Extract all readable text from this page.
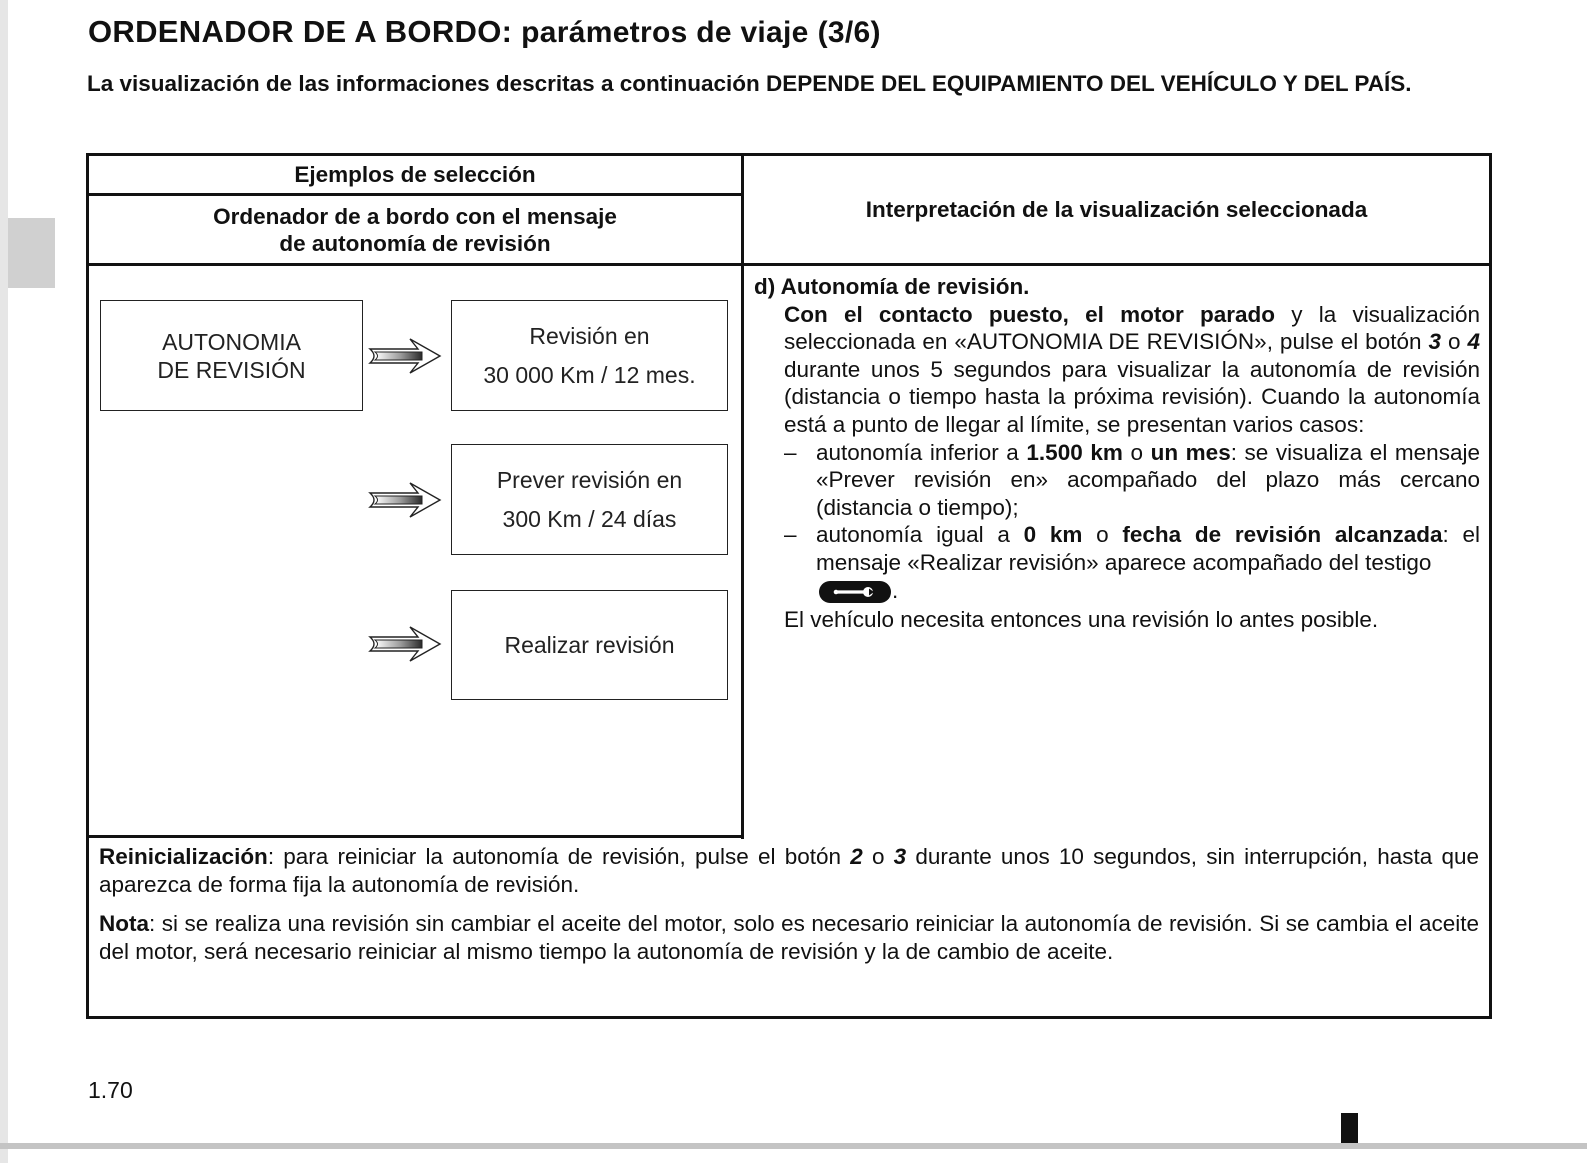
ORDENADOR DE A BORDO: parámetros de viaje (3/6)

La visualización de las informaciones descritas a continuación DEPENDE DEL EQUIPAMIENTO DEL VEHÍCULO Y DEL PAÍS.

Ejemplos de selección
Ordenador de a bordo con el mensaje
de autonomía de revisión
Interpretación de la visualización seleccionada
AUTONOMIA
DE REVISIÓN
Revisión en
30 000 Km / 12 mes.
Prever revisión en
300 Km / 24 días
Realizar revisión
d) Autonomía de revisión.
Con el contacto puesto, el motor parado y la visualización seleccionada en «AUTONOMIA DE REVISIÓN», pulse el botón 3 o 4 durante unos 5 segundos para visualizar la autonomía de revisión (distancia o tiempo hasta la próxima revisión). Cuando la autonomía está a punto de llegar al límite, se presentan varios casos:
– autonomía inferior a 1.500 km o un mes: se visualiza el mensaje «Prever revisión en» acompañado del plazo más cercano (distancia o tiempo);
– autonomía igual a 0 km o fecha de revisión alcanzada: el mensaje «Realizar revisión» aparece acompañado del testigo
.
El vehículo necesita entonces una revisión lo antes posible.

Reinicialización: para reiniciar la autonomía de revisión, pulse el botón 2 o 3 durante unos 10 segundos, sin interrupción, hasta que aparezca de forma fija la autonomía de revisión.

Nota: si se realiza una revisión sin cambiar el aceite del motor, solo es necesario reiniciar la autonomía de revisión. Si se cambia el aceite del motor, será necesario reiniciar al mismo tiempo la autonomía de revisión y la de cambio de aceite.

1.70
